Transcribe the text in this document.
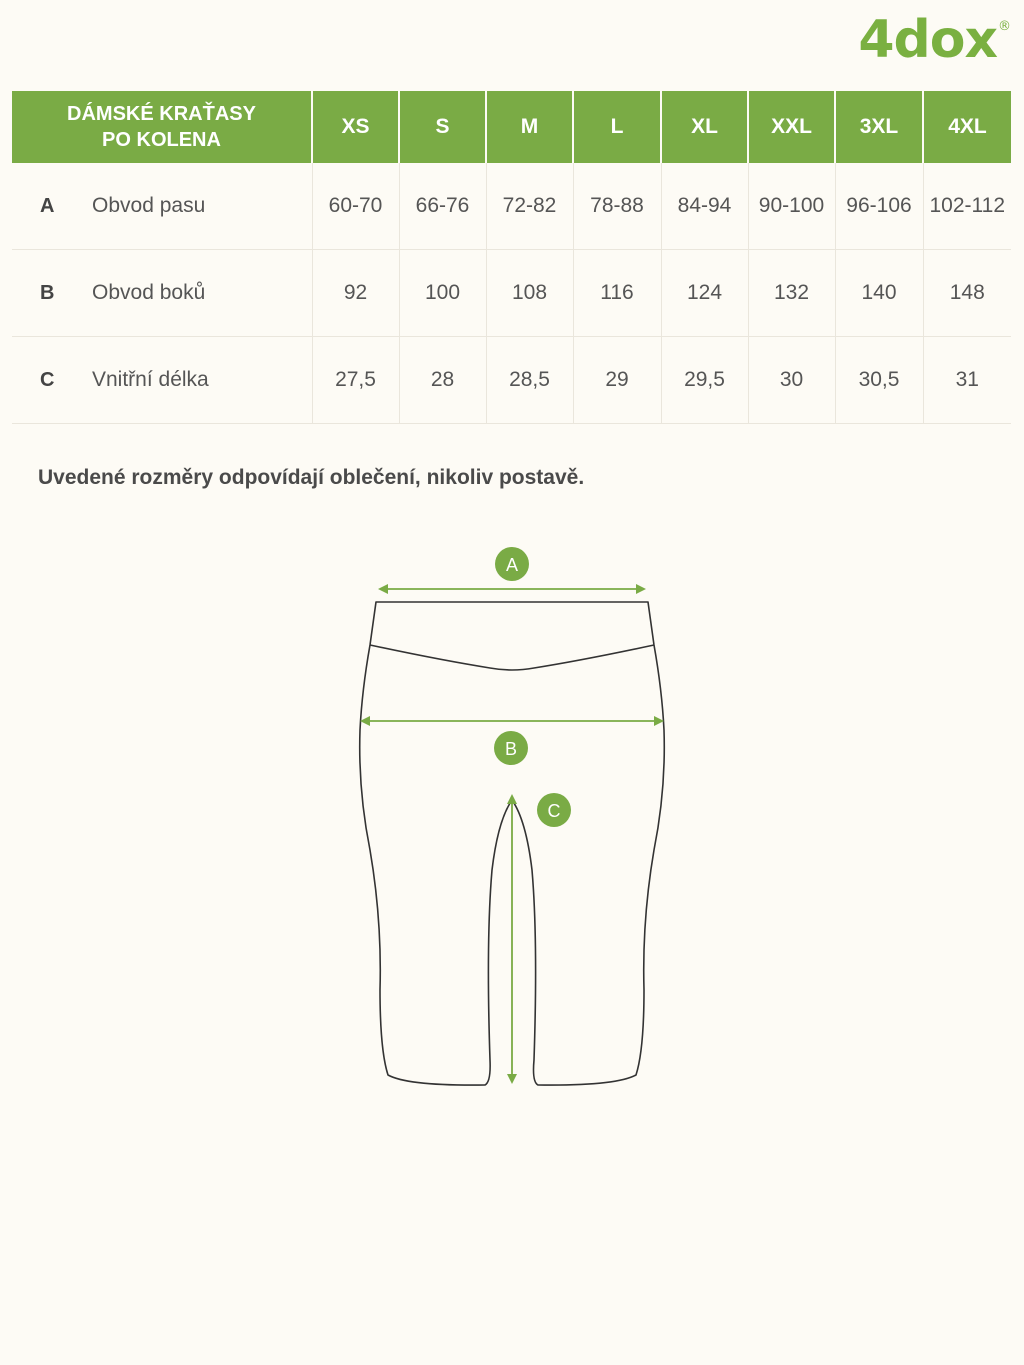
4dox®
DÁMSKÉ KRAŤASY
PO KOLENA	XS	S	M	L	XL	XXL	3XL	4XL
A Obvod pasu	60-70	66-76	72-82	78-88	84-94	90-100	96-106	102-112
B Obvod boků	92	100	108	116	124	132	140	148
C Vnitřní délka	27,5	28	28,5	29	29,5	30	30,5	31

Uvedené rozměry odpovídají oblečení, nikoliv postavě.

A
B
C
